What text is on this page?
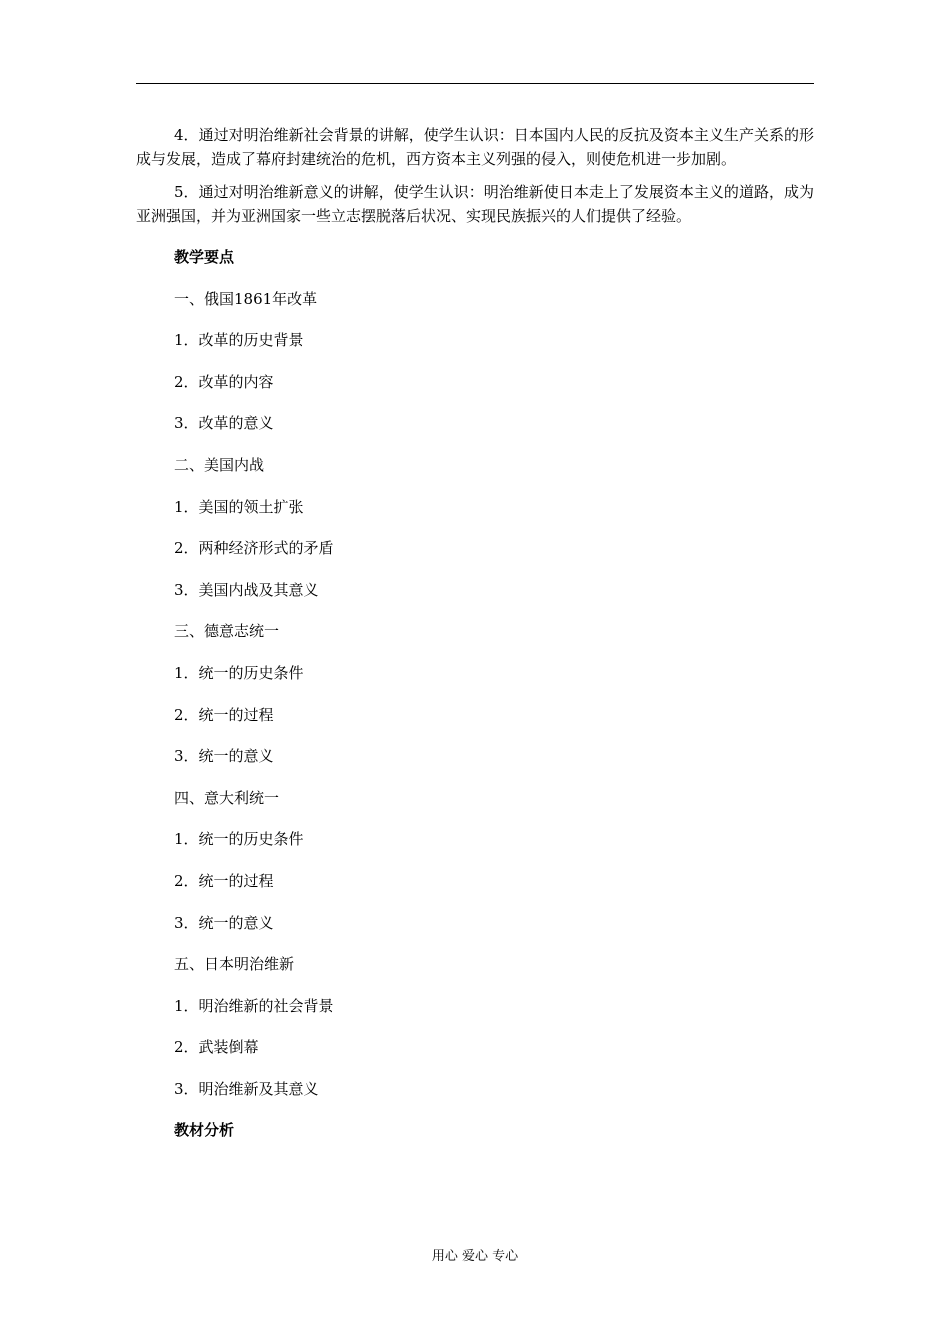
4．通过对明治维新社会背景的讲解，使学生认识：日本国内人民的反抗及资本主义生产关系的形成与发展，造成了幕府封建统治的危机，西方资本主义列强的侵入，则使危机进一步加剧。

5．通过对明治维新意义的讲解，使学生认识：明治维新使日本走上了发展资本主义的道路，成为亚洲强国，并为亚洲国家一些立志摆脱落后状况、实现民族振兴的人们提供了经验。

教学要点

一、俄国1861年改革

1．改革的历史背景

2．改革的内容

3．改革的意义

二、美国内战

1．美国的领土扩张

2．两种经济形式的矛盾

3．美国内战及其意义

三、德意志统一

1．统一的历史条件

2．统一的过程

3．统一的意义

四、意大利统一

1．统一的历史条件

2．统一的过程

3．统一的意义

五、日本明治维新

1．明治维新的社会背景

2．武装倒幕

3．明治维新及其意义

教材分析

用心 爱心 专心
